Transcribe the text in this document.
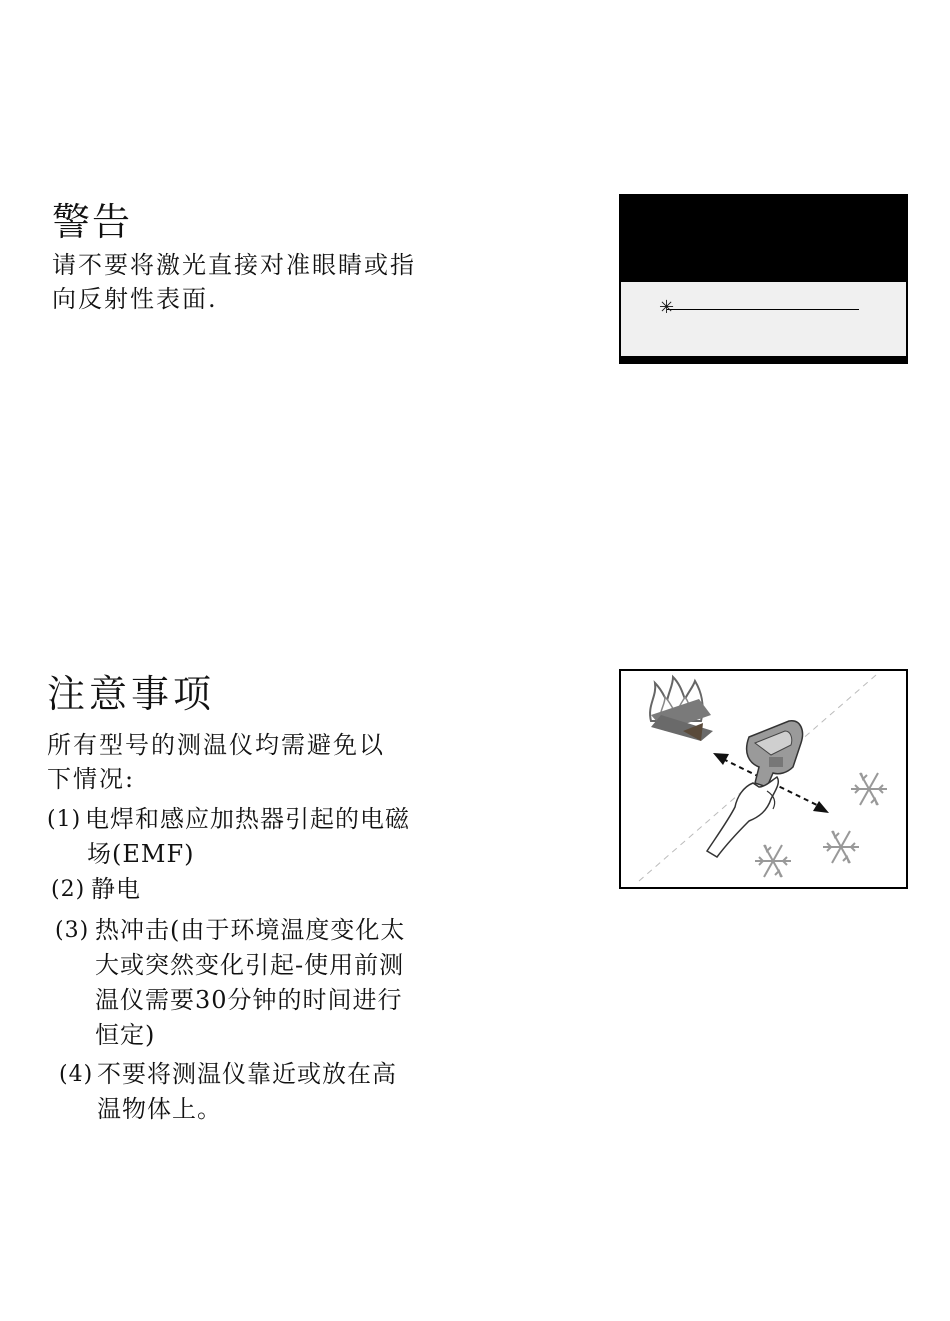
警告
请不要将激光直接对准眼睛或指
向反射性表面.	✳
注意事项
所有型号的测温仪均需避免以
下情况:
(1) 电焊和感应加热器引起的电磁
场(EMF)
(2) 静电
(3) 热冲击(由于环境温度变化太
大或突然变化引起-使用前测
温仪需要30分钟的时间进行
恒定)
(4) 不要将测温仪靠近或放在高
温物体上。
